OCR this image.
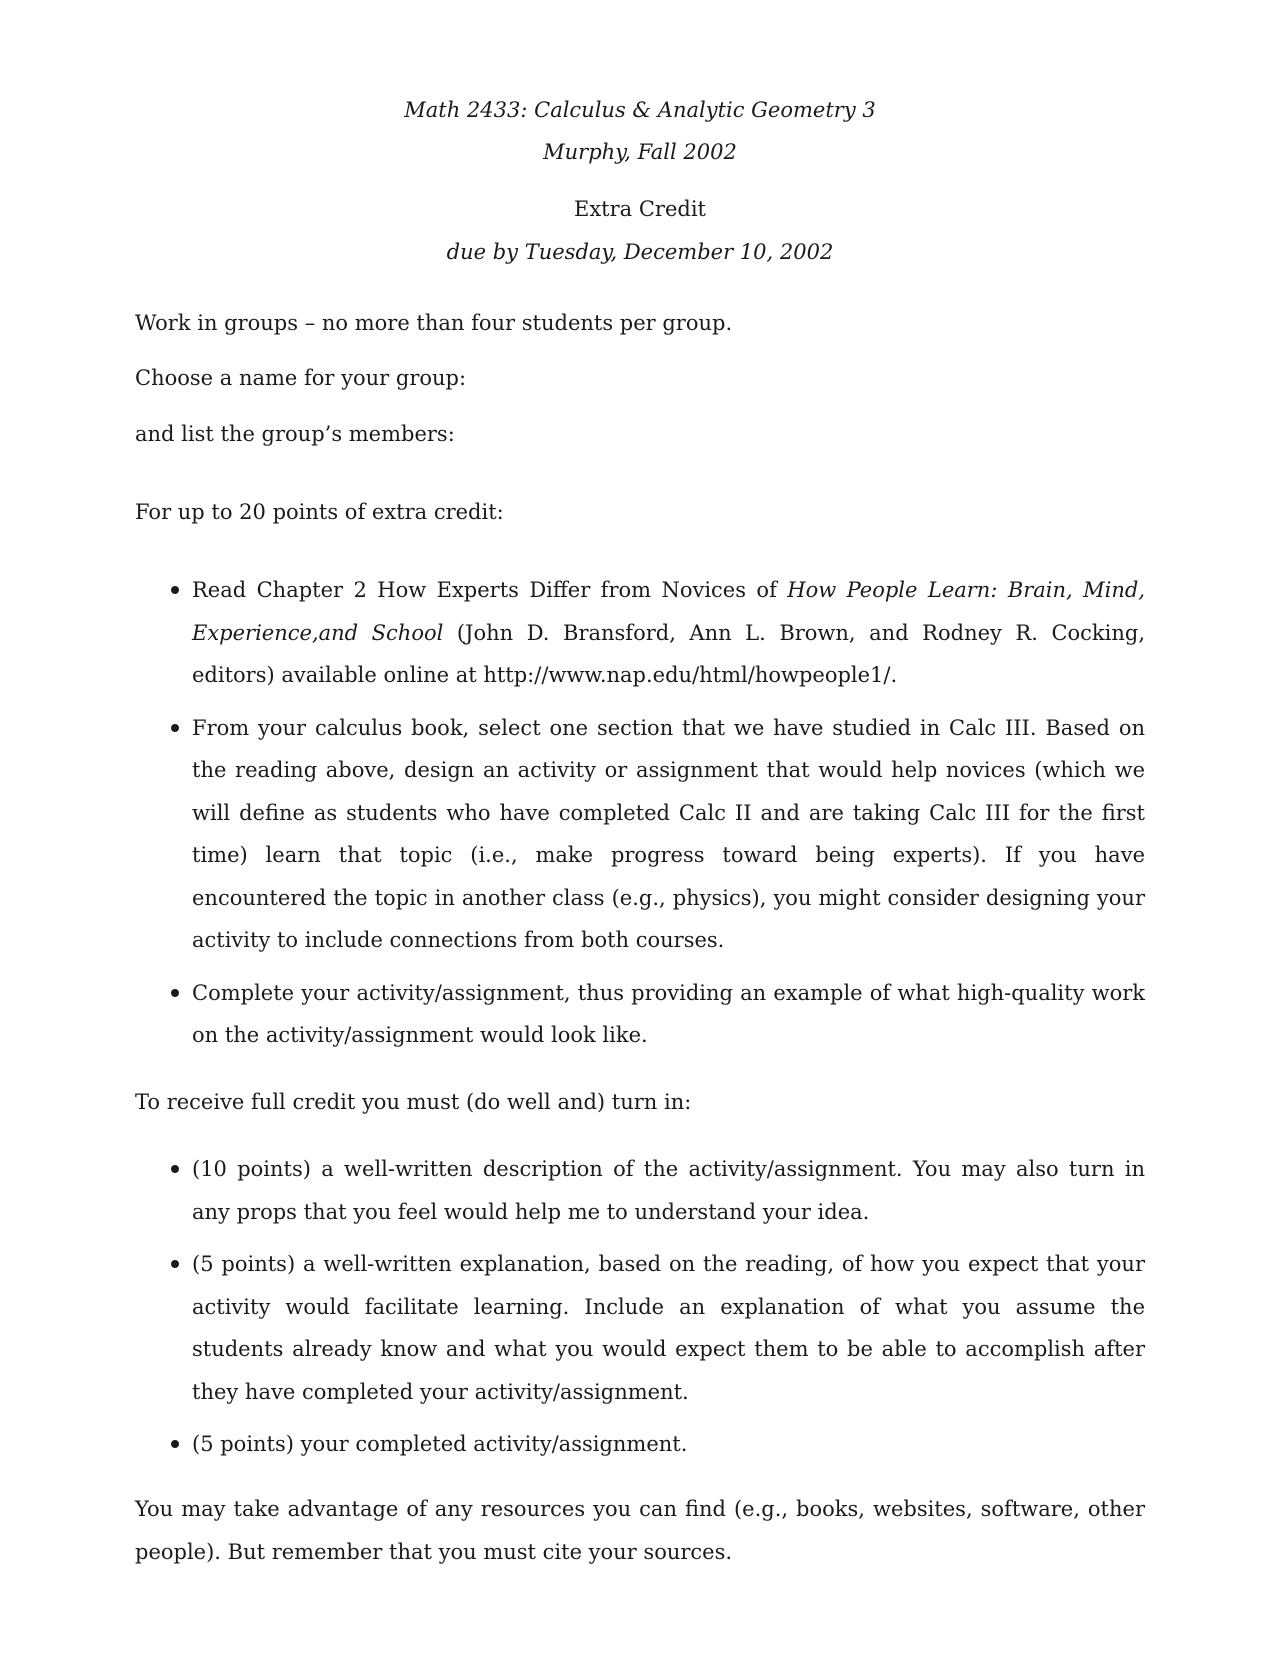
Math 2433: Calculus & Analytic Geometry 3
Murphy, Fall 2002
Extra Credit
due by Tuesday, December 10, 2002
Work in groups – no more than four students per group.
Choose a name for your group:
and list the group’s members:
For up to 20 points of extra credit:
Read Chapter 2 How Experts Differ from Novices of How People Learn: Brain, Mind, Experience,and School (John D. Bransford, Ann L. Brown, and Rodney R. Cocking, editors) available online at http://www.nap.edu/html/howpeople1/.
From your calculus book, select one section that we have studied in Calc III. Based on the reading above, design an activity or assignment that would help novices (which we will define as students who have completed Calc II and are taking Calc III for the first time) learn that topic (i.e., make progress toward being experts). If you have encountered the topic in another class (e.g., physics), you might consider designing your activity to include connections from both courses.
Complete your activity/assignment, thus providing an example of what high-quality work on the activity/assignment would look like.
To receive full credit you must (do well and) turn in:
(10 points) a well-written description of the activity/assignment. You may also turn in any props that you feel would help me to understand your idea.
(5 points) a well-written explanation, based on the reading, of how you expect that your activity would facilitate learning. Include an explanation of what you assume the students already know and what you would expect them to be able to accomplish after they have completed your activity/assignment.
(5 points) your completed activity/assignment.
You may take advantage of any resources you can find (e.g., books, websites, software, other people). But remember that you must cite your sources.
